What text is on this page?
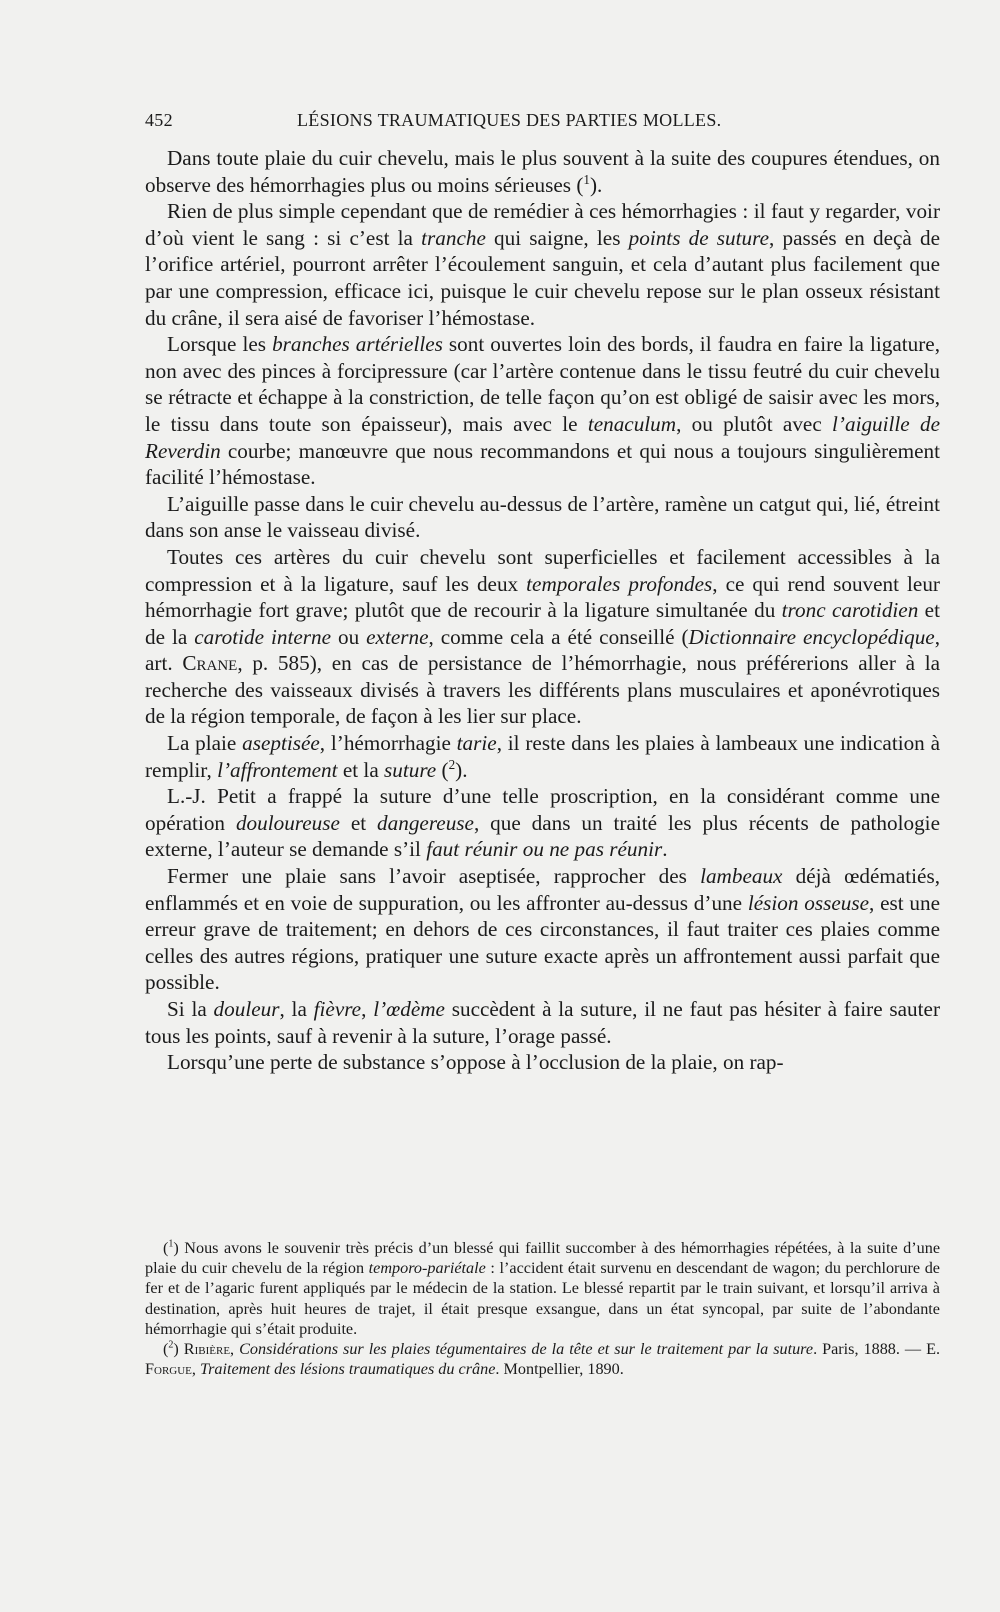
452	LÉSIONS TRAUMATIQUES DES PARTIES MOLLES.

Dans toute plaie du cuir chevelu, mais le plus souvent à la suite des coupures étendues, on observe des hémorrhagies plus ou moins sérieuses ($^1$).

Rien de plus simple cependant que de remédier à ces hémorrhagies : il faut y regarder, voir d’où vient le sang : si c’est la tranche qui saigne, les points de suture, passés en deçà de l’orifice artériel, pourront arrêter l’écoulement sanguin, et cela d’autant plus facilement que par une compression, efficace ici, puisque le cuir chevelu repose sur le plan osseux résistant du crâne, il sera aisé de favoriser l’hémostase.

Lorsque les branches artérielles sont ouvertes loin des bords, il faudra en faire la ligature, non avec des pinces à forcipressure (car l’artère contenue dans le tissu feutré du cuir chevelu se rétracte et échappe à la constriction, de telle façon qu’on est obligé de saisir avec les mors, le tissu dans toute son épaisseur), mais avec le tenaculum, ou plutôt avec l’aiguille de Reverdin courbe; manœuvre que nous recommandons et qui nous a toujours singulièrement facilité l’hémostase.

L’aiguille passe dans le cuir chevelu au-dessus de l’artère, ramène un catgut qui, lié, étreint dans son anse le vaisseau divisé.

Toutes ces artères du cuir chevelu sont superficielles et facilement accessibles à la compression et à la ligature, sauf les deux temporales profondes, ce qui rend souvent leur hémorrhagie fort grave; plutôt que de recourir à la ligature simultanée du tronc carotidien et de la carotide interne ou externe, comme cela a été conseillé (Dictionnaire encyclopédique, art. Crane, p. 585), en cas de persistance de l’hémorrhagie, nous préférerions aller à la recherche des vaisseaux divisés à travers les différents plans musculaires et aponévrotiques de la région temporale, de façon à les lier sur place.

La plaie aseptisée, l’hémorrhagie tarie, il reste dans les plaies à lambeaux une indication à remplir, l’affrontement et la suture ($^2$).

L.-J. Petit a frappé la suture d’une telle proscription, en la considérant comme une opération douloureuse et dangereuse, que dans un traité les plus récents de pathologie externe, l’auteur se demande s’il faut réunir ou ne pas réunir.

Fermer une plaie sans l’avoir aseptisée, rapprocher des lambeaux déjà œdématiés, enflammés et en voie de suppuration, ou les affronter au-dessus d’une lésion osseuse, est une erreur grave de traitement; en dehors de ces circonstances, il faut traiter ces plaies comme celles des autres régions, pratiquer une suture exacte après un affrontement aussi parfait que possible.

Si la douleur, la fièvre, l’œdème succèdent à la suture, il ne faut pas hésiter à faire sauter tous les points, sauf à revenir à la suture, l’orage passé.

Lorsqu’une perte de substance s’oppose à l’occlusion de la plaie, on rap-

($^1$) Nous avons le souvenir très précis d’un blessé qui faillit succomber à des hémorrhagies répétées, à la suite d’une plaie du cuir chevelu de la région temporo-pariétale : l’accident était survenu en descendant de wagon; du perchlorure de fer et de l’agaric furent appliqués par le médecin de la station. Le blessé repartit par le train suivant, et lorsqu’il arriva à destination, après huit heures de trajet, il était presque exsangue, dans un état syncopal, par suite de l’abondante hémorrhagie qui s’était produite.

($^2$) Ribière, Considérations sur les plaies tégumentaires de la tête et sur le traitement par la suture. Paris, 1888. — E. Forgue, Traitement des lésions traumatiques du crâne. Montpellier, 1890.
